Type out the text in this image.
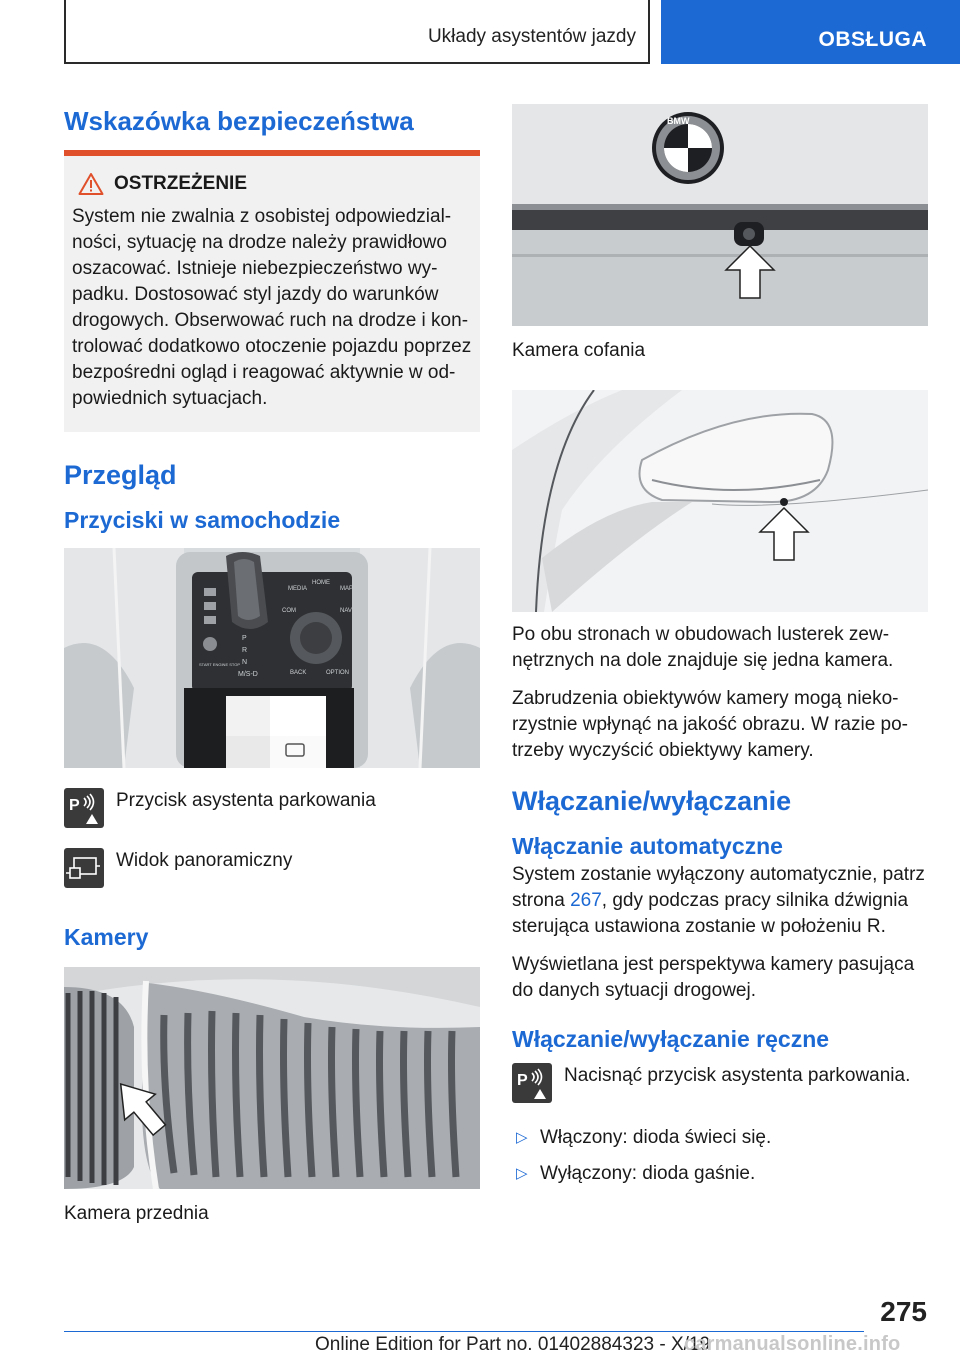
Układy asystentów jazdy	OBSŁUGA
Wskazówka bezpieczeństwa
OSTRZEŻENIE
System nie zwalnia z osobistej odpowiedzial-
ności, sytuację na drodze należy prawidłowo
oszacować. Istnieje niebezpieczeństwo wy-
padku. Dostosować styl jazdy do warunków
drogowych. Obserwować ruch na drodze i kon-
trolować dodatkowo otoczenie pojazdu poprzez
bezpośredni ogląd i reagować aktywnie w od-
powiednich sytuacjach.
Przegląd
Przyciski w samochodzie
MEDIA
HOME
MAP
COM	NAV
BACK	OPTION
START ENGINE STOP
P
R
N
M/S-D
P Przycisk asystenta parkowania
Widok panoramiczny
Kamery
Kamera przednia
BMW
Kamera cofania

Po obu stronach w obudowach lusterek zew-
nętrznych na dole znajduje się jedna kamera.

Zabrudzenia obiektywów kamery mogą nieko-
rzystnie wpłynąć na jakość obrazu. W razie po-
trzeby wyczyścić obiektywy kamery.

Włączanie/wyłączanie
Włączanie automatyczne

System zostanie wyłączony automatycznie, patrz
strona 267, gdy podczas pracy silnika dźwignia
sterująca ustawiona zostanie w położeniu R.

Wyświetlana jest perspektywa kamery pasująca
do danych sytuacji drogowej.

Włączanie/wyłączanie ręczne
P Nacisnąć przycisk asystenta parkowania.
▷ Włączony: dioda świeci się.
▷ Wyłączony: dioda gaśnie.
275
Online Edition for Part no. 01402884323 - X/19
carmanualsonline.info
